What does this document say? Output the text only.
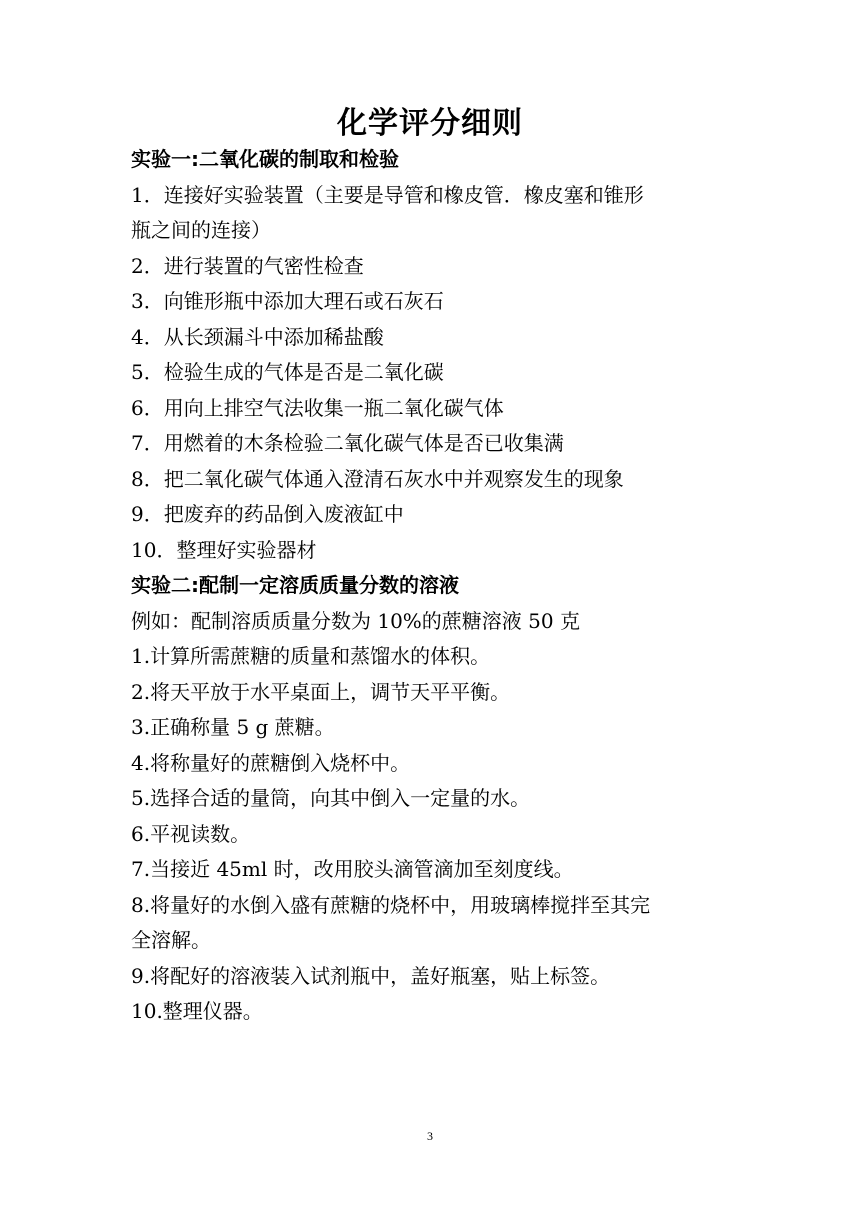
化学评分细则
实验一:二氧化碳的制取和检验
1．连接好实验装置（主要是导管和橡皮管．橡皮塞和锥形
瓶之间的连接）
2．进行装置的气密性检查
3．向锥形瓶中添加大理石或石灰石
4．从长颈漏斗中添加稀盐酸
5．检验生成的气体是否是二氧化碳
6．用向上排空气法收集一瓶二氧化碳气体
7．用燃着的木条检验二氧化碳气体是否已收集满
8．把二氧化碳气体通入澄清石灰水中并观察发生的现象
9．把废弃的药品倒入废液缸中
10．整理好实验器材
实验二:配制一定溶质质量分数的溶液
例如：配制溶质质量分数为 10%的蔗糖溶液 50 克
1.计算所需蔗糖的质量和蒸馏水的体积。
2.将天平放于水平桌面上，调节天平平衡。
3.正确称量 5 g 蔗糖。
4.将称量好的蔗糖倒入烧杯中。
5.选择合适的量筒，向其中倒入一定量的水。
6.平视读数。
7.当接近 45ml 时，改用胶头滴管滴加至刻度线。
8.将量好的水倒入盛有蔗糖的烧杯中，用玻璃棒搅拌至其完
全溶解。
9.将配好的溶液装入试剂瓶中，盖好瓶塞，贴上标签。
10.整理仪器。
3
